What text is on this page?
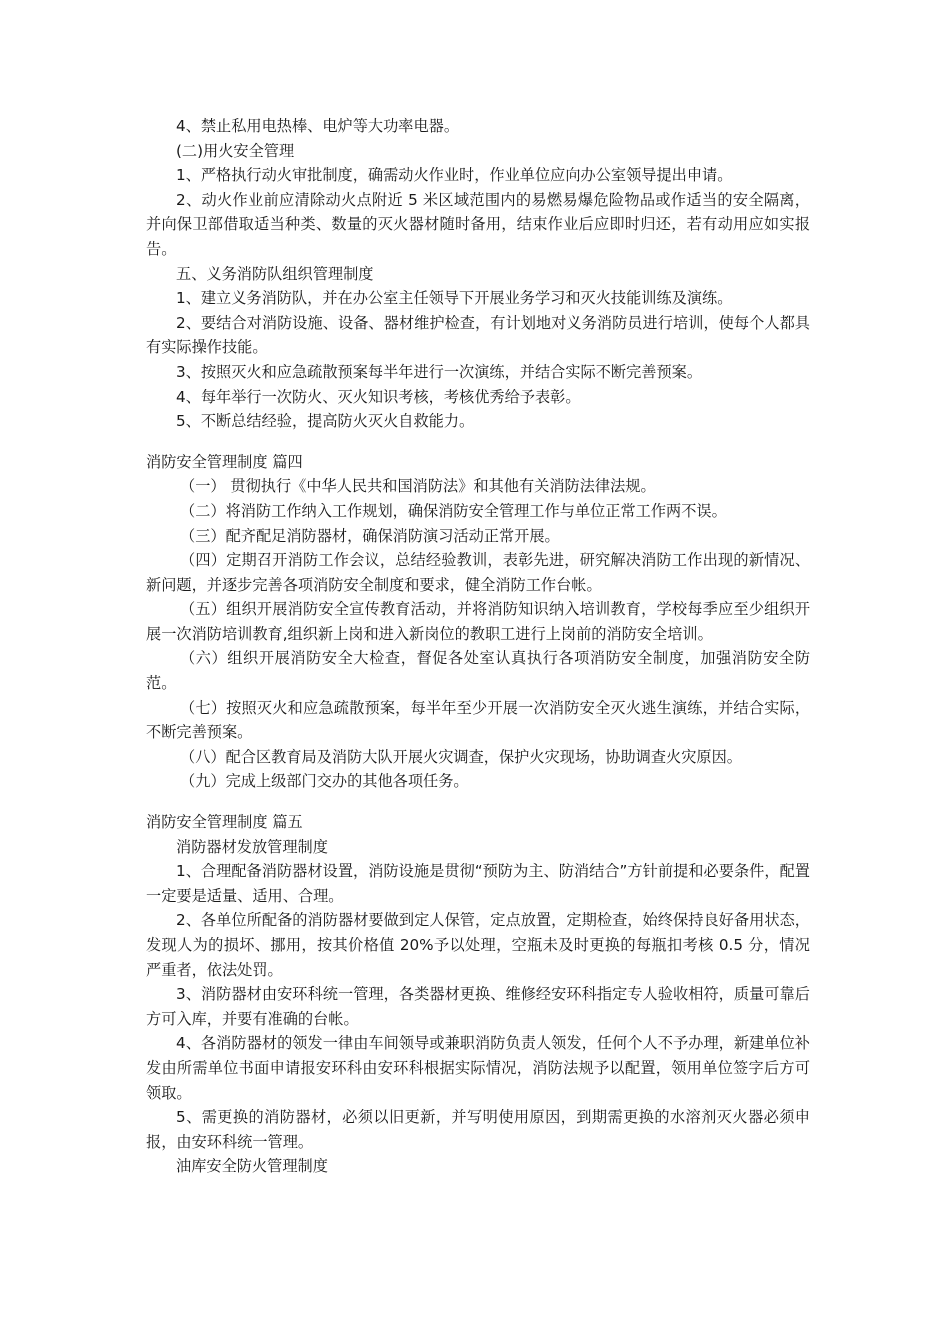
4、禁止私用电热棒、电炉等大功率电器。

(二)用火安全管理

1、严格执行动火审批制度，确需动火作业时，作业单位应向办公室领导提出申请。

2、动火作业前应清除动火点附近 5 米区域范围内的易燃易爆危险物品或作适当的安全隔离，并向保卫部借取适当种类、数量的灭火器材随时备用，结束作业后应即时归还，若有动用应如实报告。

五、义务消防队组织管理制度

1、建立义务消防队，并在办公室主任领导下开展业务学习和灭火技能训练及演练。

2、要结合对消防设施、设备、器材维护检查，有计划地对义务消防员进行培训，使每个人都具有实际操作技能。

3、按照灭火和应急疏散预案每半年进行一次演练，并结合实际不断完善预案。

4、每年举行一次防火、灭火知识考核，考核优秀给予表彰。

5、不断总结经验，提高防火灭火自救能力。

消防安全管理制度 篇四

（一） 贯彻执行《中华人民共和国消防法》和其他有关消防法律法规。

（二）将消防工作纳入工作规划，确保消防安全管理工作与单位正常工作两不误。

（三）配齐配足消防器材，确保消防演习活动正常开展。

（四）定期召开消防工作会议，总结经验教训，表彰先进，研究解决消防工作出现的新情况、新问题，并逐步完善各项消防安全制度和要求，健全消防工作台帐。

（五）组织开展消防安全宣传教育活动，并将消防知识纳入培训教育，学校每季应至少组织开展一次消防培训教育,组织新上岗和进入新岗位的教职工进行上岗前的消防安全培训。

（六）组织开展消防安全大检查，督促各处室认真执行各项消防安全制度，加强消防安全防范。

（七）按照灭火和应急疏散预案，每半年至少开展一次消防安全灭火逃生演练，并结合实际，不断完善预案。

（八）配合区教育局及消防大队开展火灾调查，保护火灾现场，协助调查火灾原因。

（九）完成上级部门交办的其他各项任务。

消防安全管理制度 篇五

消防器材发放管理制度

1、合理配备消防器材设置，消防设施是贯彻“预防为主、防消结合”方针前提和必要条件，配置一定要是适量、适用、合理。

2、各单位所配备的消防器材要做到定人保管，定点放置，定期检查，始终保持良好备用状态，发现人为的损坏、挪用，按其价格值 20%予以处理，空瓶未及时更换的每瓶扣考核 0.5 分，情况严重者，依法处罚。

3、消防器材由安环科统一管理，各类器材更换、维修经安环科指定专人验收相符，质量可靠后方可入库，并要有准确的台帐。

4、各消防器材的领发一律由车间领导或兼职消防负责人领发，任何个人不予办理，新建单位补发由所需单位书面申请报安环科由安环科根据实际情况，消防法规予以配置，领用单位签字后方可领取。

5、需更换的消防器材，必须以旧更新，并写明使用原因，到期需更换的水溶剂灭火器必须申报，由安环科统一管理。

油库安全防火管理制度
